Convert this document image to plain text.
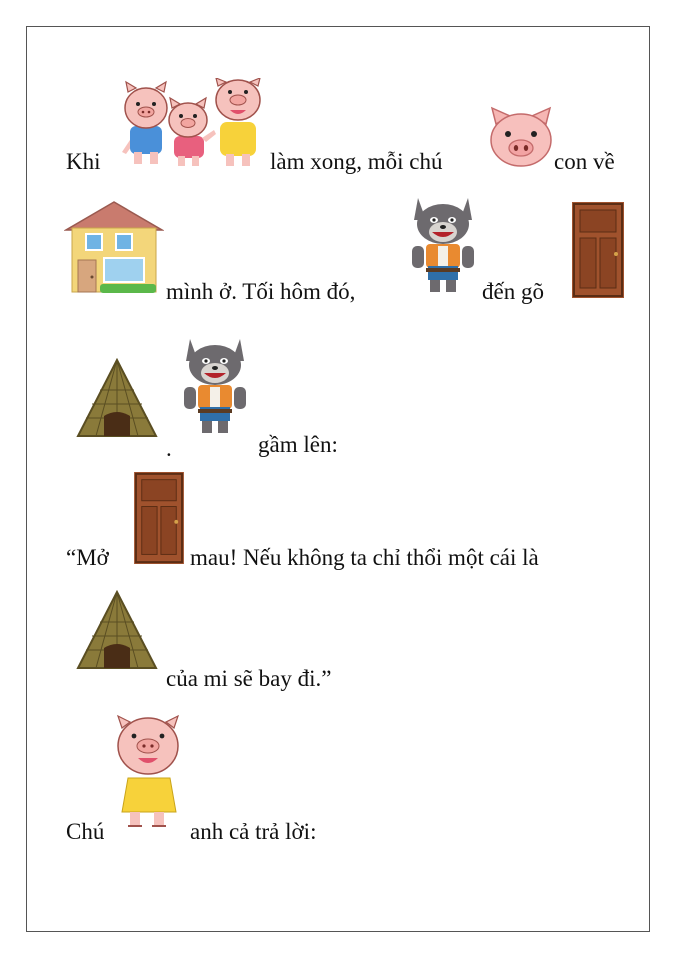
Khi	làm xong, mỗi chú	con về
mình ở. Tối hôm đó,	đến gõ
.	gầm lên:
“Mở	mau! Nếu không ta chỉ thổi một cái là
của mi sẽ bay đi.”
Chú	anh cả trả lời:
